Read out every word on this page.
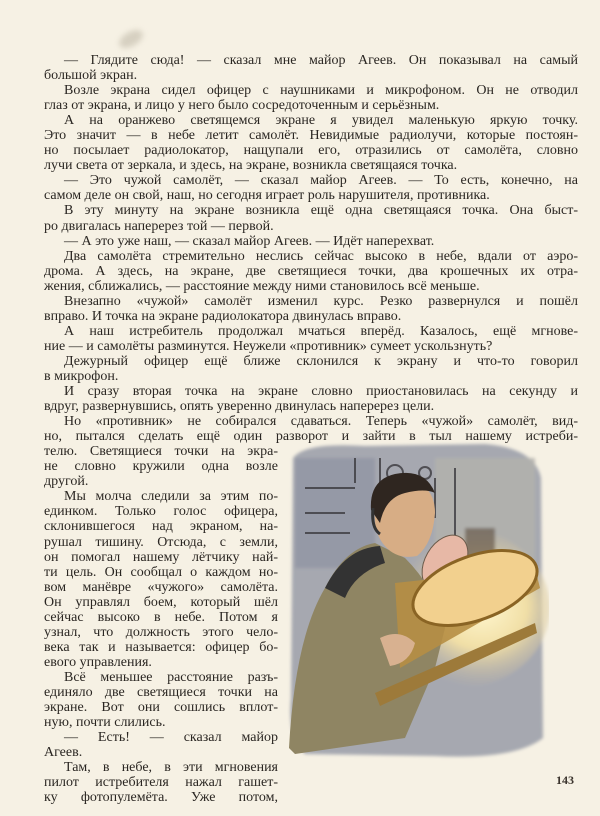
— Глядите сюда! — сказал мне майор Агеев. Он показывал на самый
большой экран.
Возле экрана сидел офицер с наушниками и микрофоном. Он не отводил
глаз от экрана, и лицо у него было сосредоточенным и серьёзным.
А на оранжево светящемся экране я увидел маленькую яркую точку.
Это значит — в небе летит самолёт. Невидимые радиолучи, которые постоян-
но посылает радиолокатор, нащупали его, отразились от самолёта, словно
лучи света от зеркала, и здесь, на экране, возникла светящаяся точка.
— Это чужой самолёт, — сказал майор Агеев. — То есть, конечно, на
самом деле он свой, наш, но сегодня играет роль нарушителя, противника.
В эту минуту на экране возникла ещё одна светящаяся точка. Она быст-
ро двигалась наперерез той — первой.
— А это уже наш, — сказал майор Агеев. — Идёт наперехват.
Два самолёта стремительно неслись сейчас высоко в небе, вдали от аэро-
дрома. А здесь, на экране, две светящиеся точки, два крошечных их отра-
жения, сближались, — расстояние между ними становилось всё меньше.
Внезапно «чужой» самолёт изменил курс. Резко развернулся и пошёл
вправо. И точка на экране радиолокатора двинулась вправо.
А наш истребитель продолжал мчаться вперёд. Казалось, ещё мгнове-
ние — и самолёты разминутся. Неужели «противник» сумеет ускользнуть?
Дежурный офицер ещё ближе склонился к экрану и что-то говорил
в микрофон.
И сразу вторая точка на экране словно приостановилась на секунду и
вдруг, развернувшись, опять уверенно двинулась наперерез цели.
Но «противник» не собирался сдаваться. Теперь «чужой» самолёт, вид-
но, пытался сделать ещё один разворот и зайти в тыл нашему истреби-
телю. Светящиеся точки на экра-
не словно кружили одна возле
другой.
Мы молча следили за этим по-
единком. Только голос офицера,
склонившегося над экраном, на-
рушал тишину. Отсюда, с земли,
он помогал нашему лётчику най-
ти цель. Он сообщал о каждом но-
вом манёвре «чужого» самолёта.
Он управлял боем, который шёл
сейчас высоко в небе. Потом я
узнал, что должность этого чело-
века так и называется: офицер бо-
евого управления.
Всё меньшее расстояние разъ-
единяло две светящиеся точки на
экране. Вот они сошлись вплот-
ную, почти слились.
— Есть! — сказал майор
Агеев.
Там, в небе, в эти мгновения
пилот истребителя нажал гашет-
ку фотопулемёта. Уже потом,
143
